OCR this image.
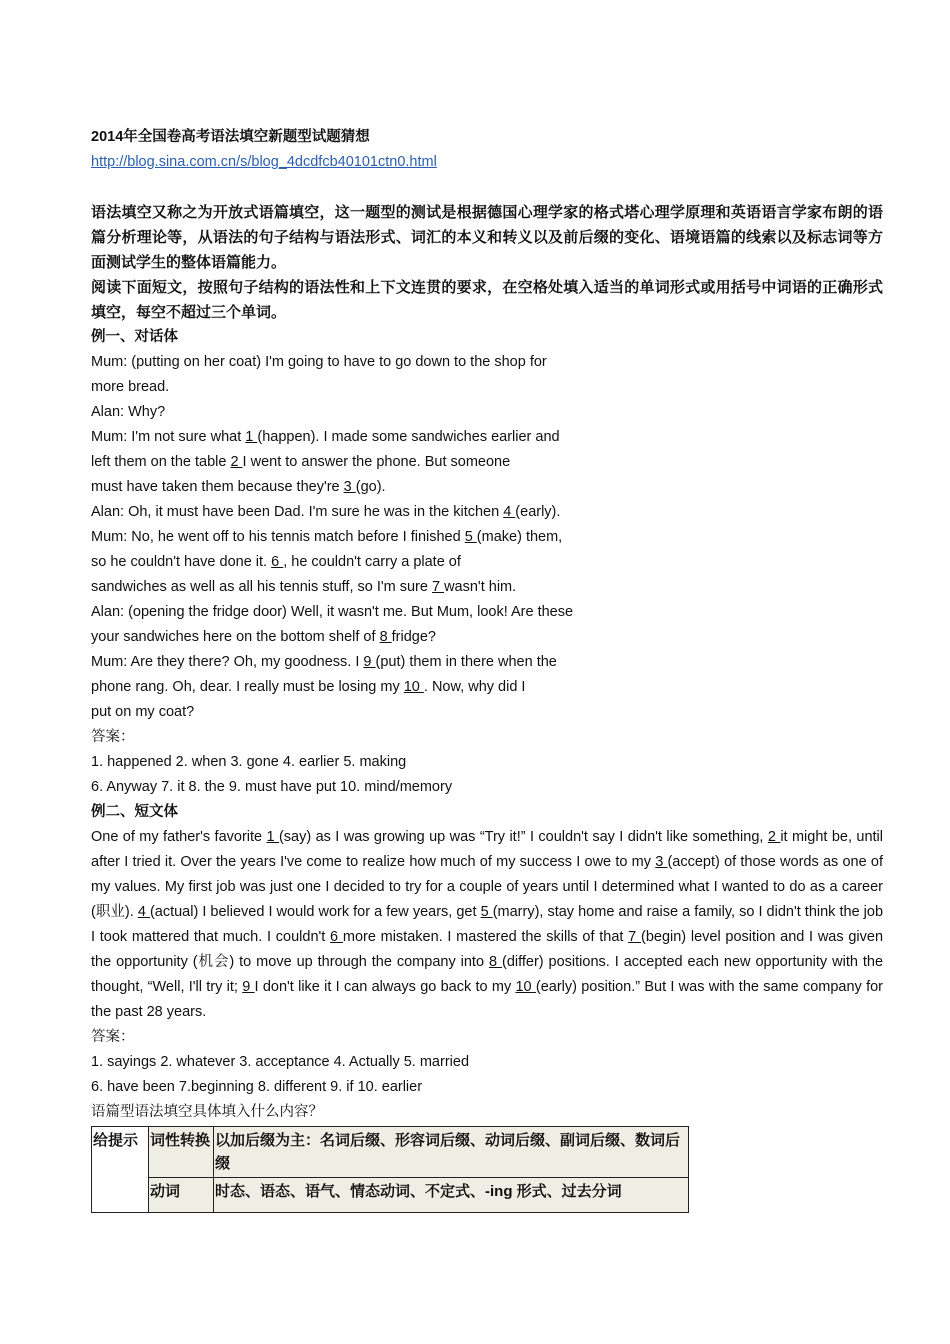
2014年全国卷高考语法填空新题型试题猜想
http://blog.sina.com.cn/s/blog_4dcdfcb40101ctn0.html
语法填空又称之为开放式语篇填空，这一题型的测试是根据德国心理学家的格式塔心理学原理和英语语言学家布朗的语篇分析理论等，从语法的句子结构与语法形式、词汇的本义和转义以及前后缀的变化、语境语篇的线索以及标志词等方面测试学生的整体语篇能力。
阅读下面短文，按照句子结构的语法性和上下文连贯的要求，在空格处填入适当的单词形式或用括号中词语的正确形式填空，每空不超过三个单词。
例一、对话体
Mum: (putting on her coat) I'm going to have to go down to the shop for
more bread.
Alan: Why?
Mum: I'm not sure what 1 (happen). I made some sandwiches earlier and
left them on the table 2 I went to answer the phone. But someone
must have taken them because they're 3 (go).
Alan: Oh, it must have been Dad. I'm sure he was in the kitchen 4 (early).
Mum: No, he went off to his tennis match before I finished 5 (make) them,
so he couldn't have done it. 6 , he couldn't carry a plate of
sandwiches as well as all his tennis stuff, so I'm sure 7 wasn't him.
Alan: (opening the fridge door) Well, it wasn't me. But Mum, look! Are these
your sandwiches here on the bottom shelf of 8 fridge?
Mum: Are they there? Oh, my goodness. I 9 (put) them in there when the
phone rang. Oh, dear. I really must be losing my 10 . Now, why did I
put on my coat?
答案：
1. happened 2. when 3. gone 4. earlier 5. making
6. Anyway 7. it 8. the 9. must have put 10. mind/memory
例二、短文体
One of my father's favorite 1 (say) as I was growing up was “Try it!” I couldn't say I didn't like something, 2 it might be, until after I tried it. Over the years I've come to realize how much of my success I owe to my 3 (accept) of those words as one of my values. My first job was just one I decided to try for a couple of years until I determined what I wanted to do as a career (职业). 4 (actual) I believed I would work for a few years, get 5 (marry), stay home and raise a family, so I didn't think the job I took mattered that much. I couldn't 6 more mistaken. I mastered the skills of that 7 (begin) level position and I was given the opportunity (机会) to move up through the company into 8 (differ) positions. I accepted each new opportunity with the thought, “Well, I'll try it; 9 I don't like it I can always go back to my 10 (early) position.” But I was with the same company for the past 28 years.
答案：
1. sayings 2. whatever 3. acceptance 4. Actually 5. married
6. have been 7.beginning 8. different 9. if 10. earlier
语篇型语法填空具体填入什么内容？
给提示	词性转换	以加后缀为主：名词后缀、形容词后缀、动词后缀、副词后缀、数词后缀
	动词	时态、语态、语气、情态动词、不定式、-ing 形式、过去分词
